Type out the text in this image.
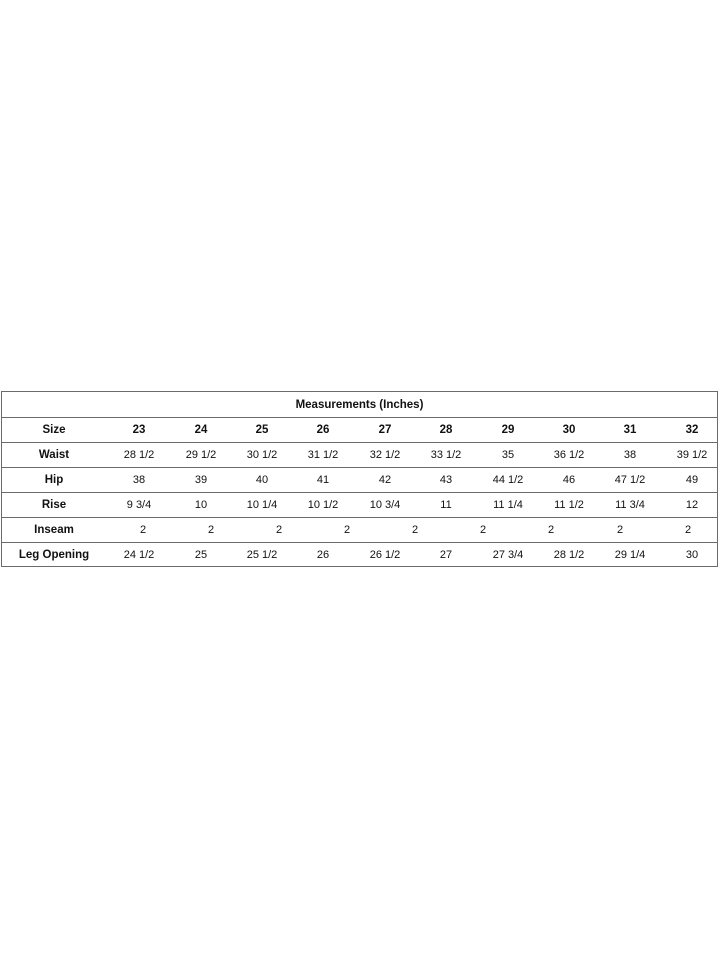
Measurements (Inches)
Size	23	24	25	26	27	28	29	30	31	32
Waist	28 1/2	29 1/2	30 1/2	31 1/2	32 1/2	33 1/2	35	36 1/2	38	39 1/2
Hip	38	39	40	41	42	43	44 1/2	46	47 1/2	49
Rise	9 3/4	10	10 1/4	10 1/2	10 3/4	11	11 1/4	11 1/2	11 3/4	12
Inseam	2	2	2	2	2	2	2	2	2
Leg Opening	24 1/2	25	25 1/2	26	26 1/2	27	27 3/4	28 1/2	29 1/4	30
